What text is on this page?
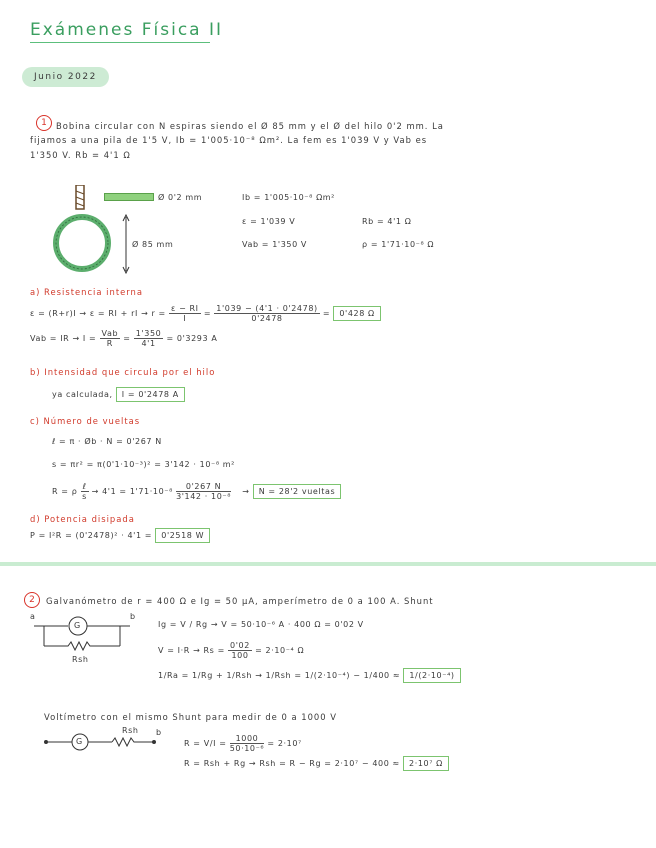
Exámenes Física II
Junio 2022
1	Bobina circular con N espiras siendo el Ø 85 mm y el Ø del hilo 0'2 mm. La
fijamos a una pila de 1'5 V, Ib = 1'005·10⁻⁸ Ωm². La fem es 1'039 V y Vab es
1'350 V. Rb = 4'1 Ω
Ø 0'2 mm
Ø 85 mm
Ib = 1'005·10⁻⁸ Ωm²
ε = 1'039 V	Rb = 4'1 Ω
Vab = 1'350 V	ρ = 1'71·10⁻⁸ Ω
a) Resistencia interna
ε = (R+r)I → ε = RI + rI → $r = \frac{\varepsilon - RI}{I} = \frac{1'039 - (4'1 \cdot 0'2478)}{0'2478} = 0'428$ Ω
Vab = IR → $I = \frac{\text{Vab}}{R} = \frac{1'350}{4'1} = 0'3293$ A
b) Intensidad que circula por el hilo
ya calculada, I = 0'2478 A
c) Número de vueltas
ℓ = π · Øb · N = 0'267 N
s = πr² = π(0'1·10⁻³)² = 3'142 · 10⁻⁸ m²
R = ρ $\frac{\text{ℓ}}{s} \to 4'1 = 1'71\cdot 10^{-8} \frac{0'267 N}{\text{3'142 · 10⁻⁸}} \to N = 28'2$ vueltas
d) Potencia disipada
P = I²R = (0'2478)² · 4'1 = 0'2518 W
2	Galvanómetro de r = 400 Ω e Ig = 50 μA, amperímetro de 0 a 100 A. Shunt
a	b
G
Rsh
Ig = V / Rg → V = 50·10⁻⁶ A · 400 Ω = 0'02 V
$V = I\cdot R \to Rs = \frac{0'02}{100} = 2\cdot 10^{-4}$ Ω
1/Ra = 1/Rg + 1/Rsh → 1/Rsh = 1/(2·10⁻⁴) − 1/400 ≈ 1/(2·10⁻⁴)
Voltímetro con el mismo Shunt para medir de 0 a 1000 V
G
Rsh b
$R = V/I = \frac{1000}{\text{50·10⁻⁶}} = 2\cdot 10^7$
R = Rsh + Rg → Rsh = R − Rg = 2·10⁷ − 400 ≈ 2·10⁷ Ω
